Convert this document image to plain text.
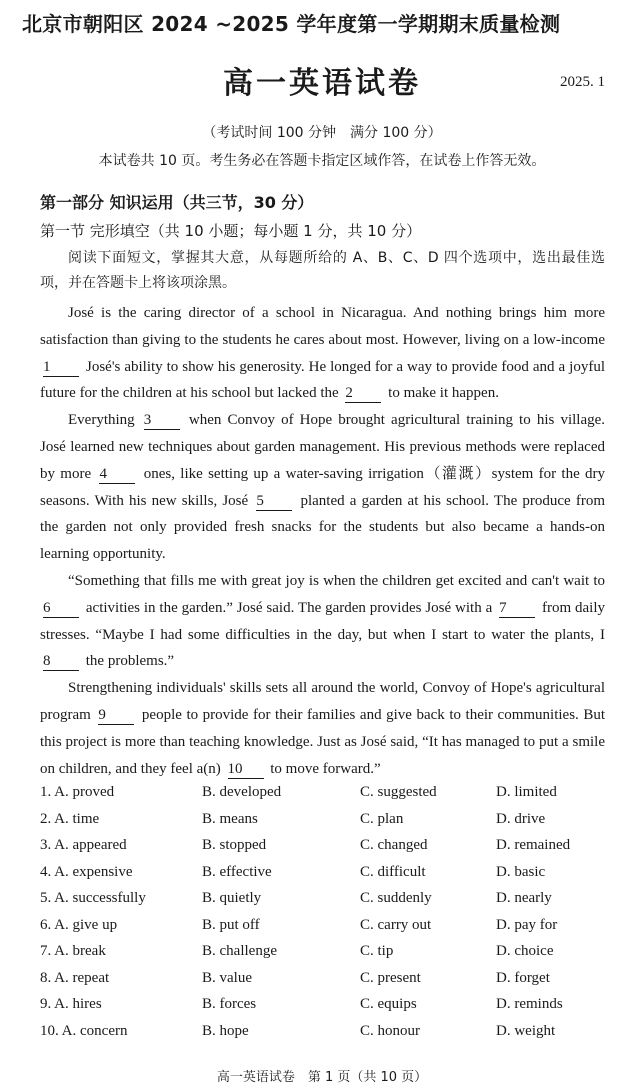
北京市朝阳区 2024 ~2025 学年度第一学期期末质量检测
高一英语试卷	2025. 1
（考试时间 100 分钟　满分 100 分）
本试卷共 10 页。考生务必在答题卡指定区域作答，在试卷上作答无效。
第一部分 知识运用（共三节，30 分）
第一节 完形填空（共 10 小题；每小题 1 分，共 10 分）
阅读下面短文，掌握其大意，从每题所给的 A、B、C、D 四个选项中，选出最佳选项，并在答题卡上将该项涂黑。

José is the caring director of a school in Nicaragua. And nothing brings him more satisfaction than giving to the students he cares about most. However, living on a low-income 1 José's ability to show his generosity. He longed for a way to provide food and a joyful future for the children at his school but lacked the 2 to make it happen.

Everything 3	when Convoy of Hope brought agricultural training to his village. José learned new techniques about garden management. His previous methods were replaced by more 4 ones, like setting up a water-saving irrigation（灌溉）system for the dry seasons. With his new skills, José 5 planted a garden at his school. The produce from the garden not only provided fresh snacks for the students but also became a hands-on learning opportunity.

“Something that fills me with great joy is when the children get excited and can't wait to 6 activities in the garden.” José said. The garden provides José with a 7 from daily stresses. “Maybe I had some difficulties in the day, but when I start to water the plants, I 8 the problems.”

Strengthening individuals' skills sets all around the world, Convoy of Hope's agricultural program 9 people to provide for their families and give back to their communities. But this project is more than teaching knowledge. Just as José said, “It has managed to put a smile on children, and they feel a(n) 10 to move forward.”

1. A. proved	B. developed	C. suggested	D. limited
2. A. time	B. means	C. plan	D. drive
3. A. appeared	B. stopped	C. changed	D. remained
4. A. expensive	B. effective	C. difficult	D. basic
5. A. successfully	B. quietly	C. suddenly	D. nearly
6. A. give up	B. put off	C. carry out	D. pay for
7. A. break	B. challenge	C. tip	D. choice
8. A. repeat	B. value	C. present	D. forget
9. A. hires	B. forces	C. equips	D. reminds
10. A. concern	B. hope	C. honour	D. weight
高一英语试卷　第 1 页（共 10 页）
